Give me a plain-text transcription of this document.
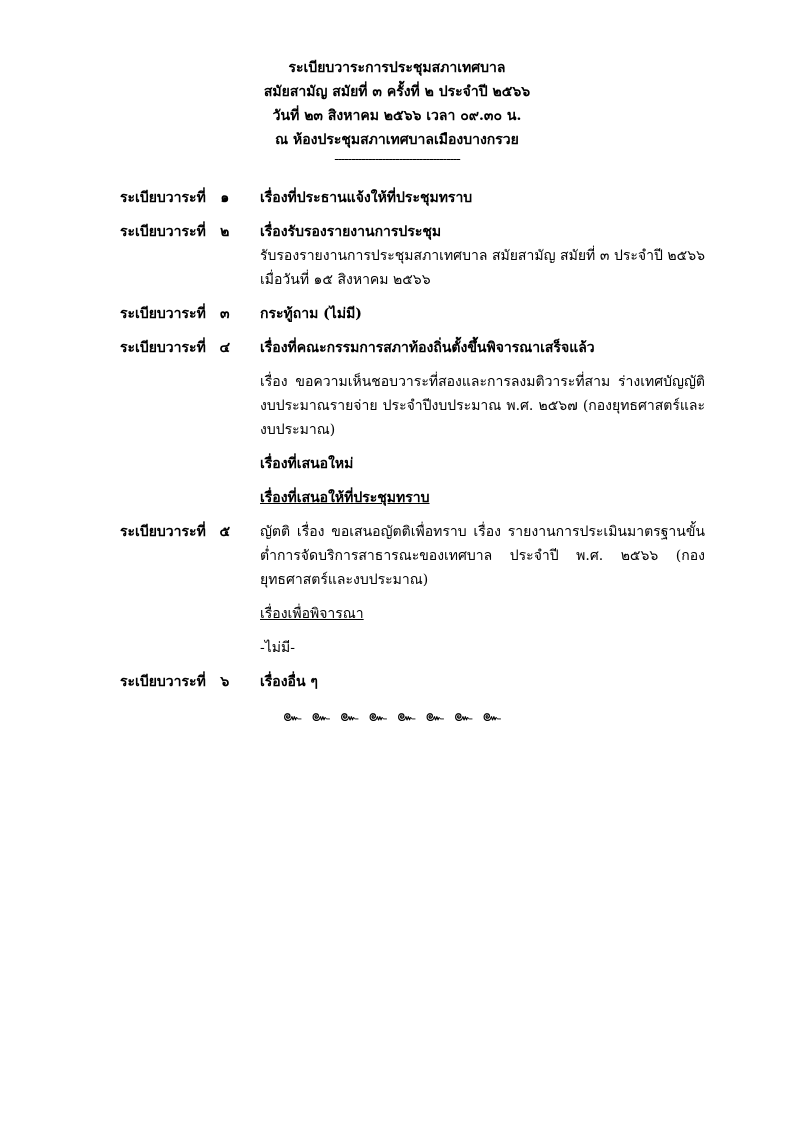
ระเบียบวาระการประชุมสภาเทศบาล
สมัยสามัญ สมัยที่ ๓ ครั้งที่ ๒ ประจำปี ๒๕๖๖
วันที่ ๒๓ สิงหาคม ๒๕๖๖ เวลา ๐๙.๓๐ น.
ณ ห้องประชุมสภาเทศบาลเมืองบางกรวย
-------------------------------------
ระเบียบวาระที่ ๑	เรื่องที่ประธานแจ้งให้ที่ประชุมทราบ
ระเบียบวาระที่ ๒	เรื่องรับรองรายงานการประชุม
รับรองรายงานการประชุมสภาเทศบาล สมัยสามัญ สมัยที่ ๓ ประจำปี ๒๕๖๖ เมื่อวันที่ ๑๕ สิงหาคม ๒๕๖๖
ระเบียบวาระที่ ๓	กระทู้ถาม (ไม่มี)
ระเบียบวาระที่ ๔	เรื่องที่คณะกรรมการสภาท้องถิ่นตั้งขึ้นพิจารณาเสร็จแล้ว
เรื่อง ขอความเห็นชอบวาระที่สองและการลงมติวาระที่สาม ร่างเทศบัญญัติงบประมาณรายจ่าย ประจำปีงบประมาณ พ.ศ. ๒๕๖๗ (กองยุทธศาสตร์และงบประมาณ)
เรื่องที่เสนอใหม่
เรื่องที่เสนอให้ที่ประชุมทราบ
ระเบียบวาระที่ ๕	ญัตติ เรื่อง ขอเสนอญัตติเพื่อทราบ เรื่อง รายงานการประเมินมาตรฐานขั้นต่ำการจัดบริการสาธารณะของเทศบาล ประจำปี พ.ศ. ๒๕๖๖ (กองยุทธศาสตร์และงบประมาณ)
เรื่องเพื่อพิจารณา
-ไม่มี-
ระเบียบวาระที่ ๖	เรื่องอื่น ๆ
๛๛๛๛๛๛๛๛
